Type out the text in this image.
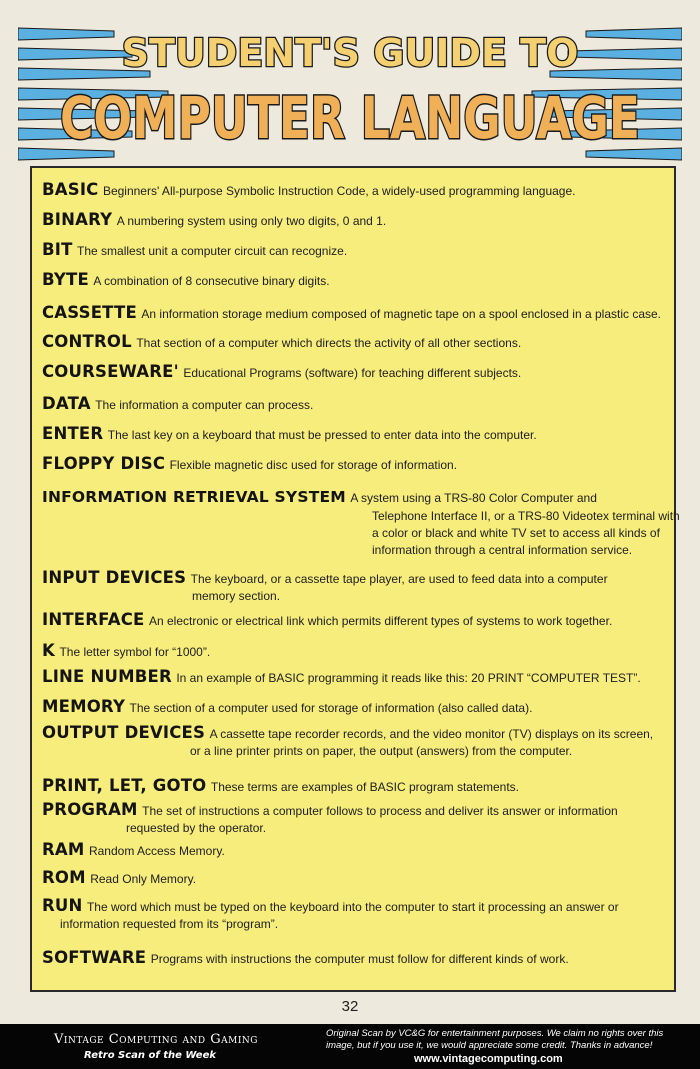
STUDENT'S GUIDE TO
COMPUTER LANGUAGE
BASIC Beginners' All-purpose Symbolic Instruction Code, a widely-used programming language.
BINARY A numbering system using only two digits, 0 and 1.
BIT The smallest unit a computer circuit can recognize.
BYTE A combination of 8 consecutive binary digits.
CASSETTE An information storage medium composed of magnetic tape on a spool enclosed in a plastic case.
CONTROL That section of a computer which directs the activity of all other sections.
COURSEWARE' Educational Programs (software) for teaching different subjects.
DATA The information a computer can process.
ENTER The last key on a keyboard that must be pressed to enter data into the computer.
FLOPPY DISC Flexible magnetic disc used for storage of information.
INFORMATION RETRIEVAL SYSTEM A system using a TRS-80 Color Computer and
Telephone Interface II, or a TRS-80 Videotex terminal with
a color or black and white TV set to access all kinds of
information through a central information service.
INPUT DEVICES The keyboard, or a cassette tape player, are used to feed data into a computer
memory section.
INTERFACE An electronic or electrical link which permits different types of systems to work together.
K The letter symbol for “1000”.
LINE NUMBER In an example of BASIC programming it reads like this: 20 PRINT “COMPUTER TEST”.
MEMORY The section of a computer used for storage of information (also called data).
OUTPUT DEVICES A cassette tape recorder records, and the video monitor (TV) displays on its screen,
or a line printer prints on paper, the output (answers) from the computer.
PRINT, LET, GOTO These terms are examples of BASIC program statements.
PROGRAM The set of instructions a computer follows to process and deliver its answer or information
requested by the operator.
RAM Random Access Memory.
ROM Read Only Memory.
RUN The word which must be typed on the keyboard into the computer to start it processing an answer or
information requested from its “program”.
SOFTWARE Programs with instructions the computer must follow for different kinds of work.
32
Vintage Computing and Gaming
Retro Scan of the Week
Original Scan by VC&G for entertainment purposes. We claim no rights over this image, but if you use it, we would appreciate some credit. Thanks in advance!
www.vintagecomputing.com
